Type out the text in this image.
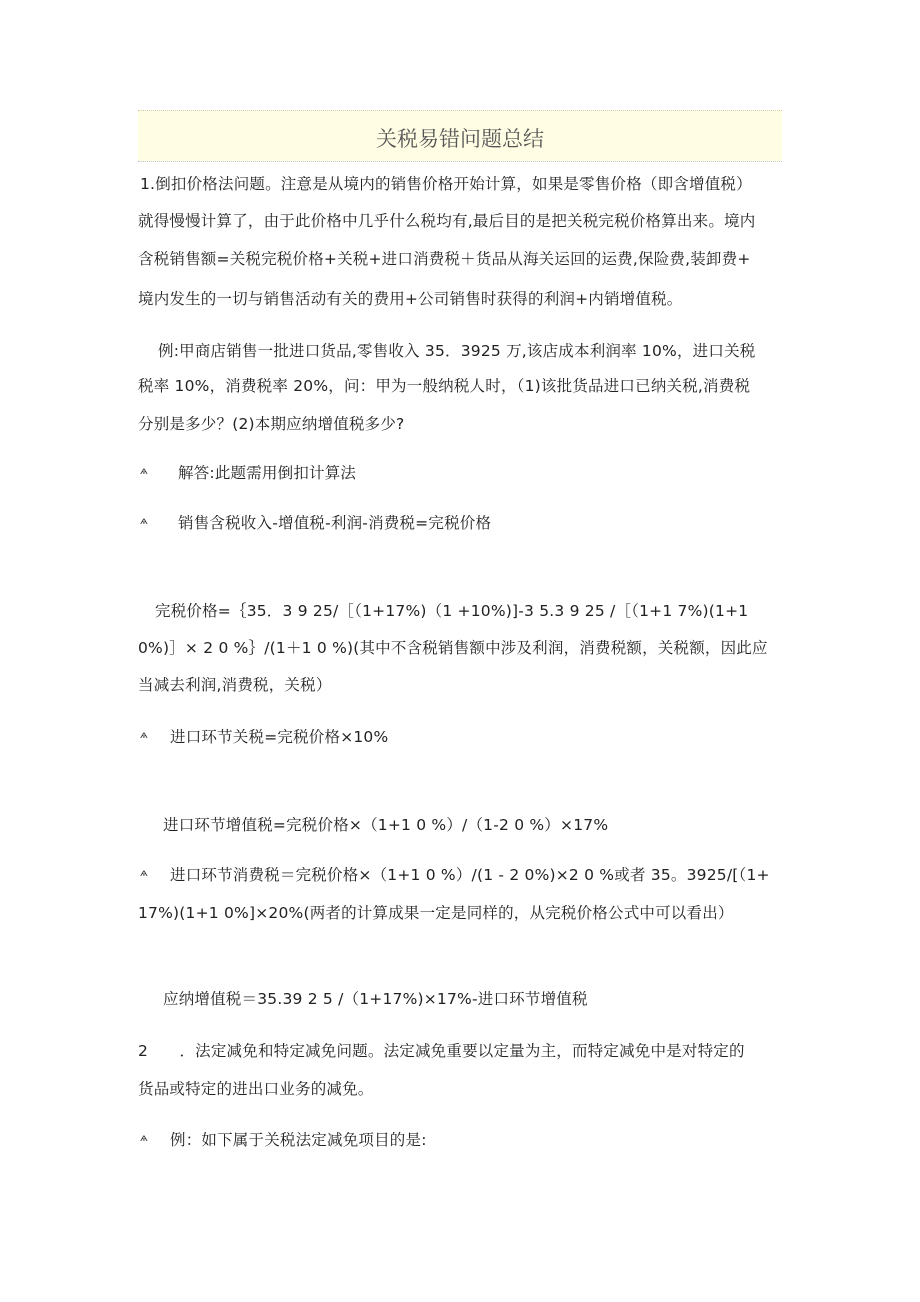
关税易错问题总结
1.倒扣价格法问题。注意是从境内的销售价格开始计算，如果是零售价格（即含增值税）
就得慢慢计算了，由于此价格中几乎什么税均有,最后目的是把关税完税价格算出来。境内
含税销售额=关税完税价格+关税+进口消费税＋货品从海关运回的运费,保险费,装卸费+
境内发生的一切与销售活动有关的费用+公司销售时获得的利润+内销增值税。
例:甲商店销售一批进口货品,零售收入 35．3925 万,该店成本利润率 10%，进口关税
税率 10%，消费税率 20%，问：甲为一般纳税人时，（1)该批货品进口已纳关税,消费税
分别是多少？(2)本期应纳增值税多少?
ѧ 解答:此题需用倒扣计算法
ѧ 销售含税收入-增值税-利润-消费税=完税价格
完税价格=｛35．3 9 25/［（1+17%)（1 +10%)]-3 5.3 9 25 /［（1+1 7%)(1+1
0%)］× 2 0 %｝/(1＋1 0 %)(其中不含税销售额中涉及利润，消费税额，关税额，因此应
当减去利润,消费税，关税）
ѧ 进口环节关税=完税价格×10%
进口环节增值税=完税价格×（1+1 0 %）/（1-2 0 %）×17%
ѧ 进口环节消费税＝完税价格×（1+1 0 %）/(1 - 2 0%)×2 0 %或者 35。3925/[（1+
17%)(1+1 0%]×20%(两者的计算成果一定是同样的，从完税价格公式中可以看出）
应纳增值税＝35.39 2 5 /（1+17%)×17%-进口环节增值税
2　　．法定减免和特定减免问题。法定减免重要以定量为主，而特定减免中是对特定的
货品或特定的进出口业务的减免。
ѧ 例：如下属于关税法定减免项目的是:
